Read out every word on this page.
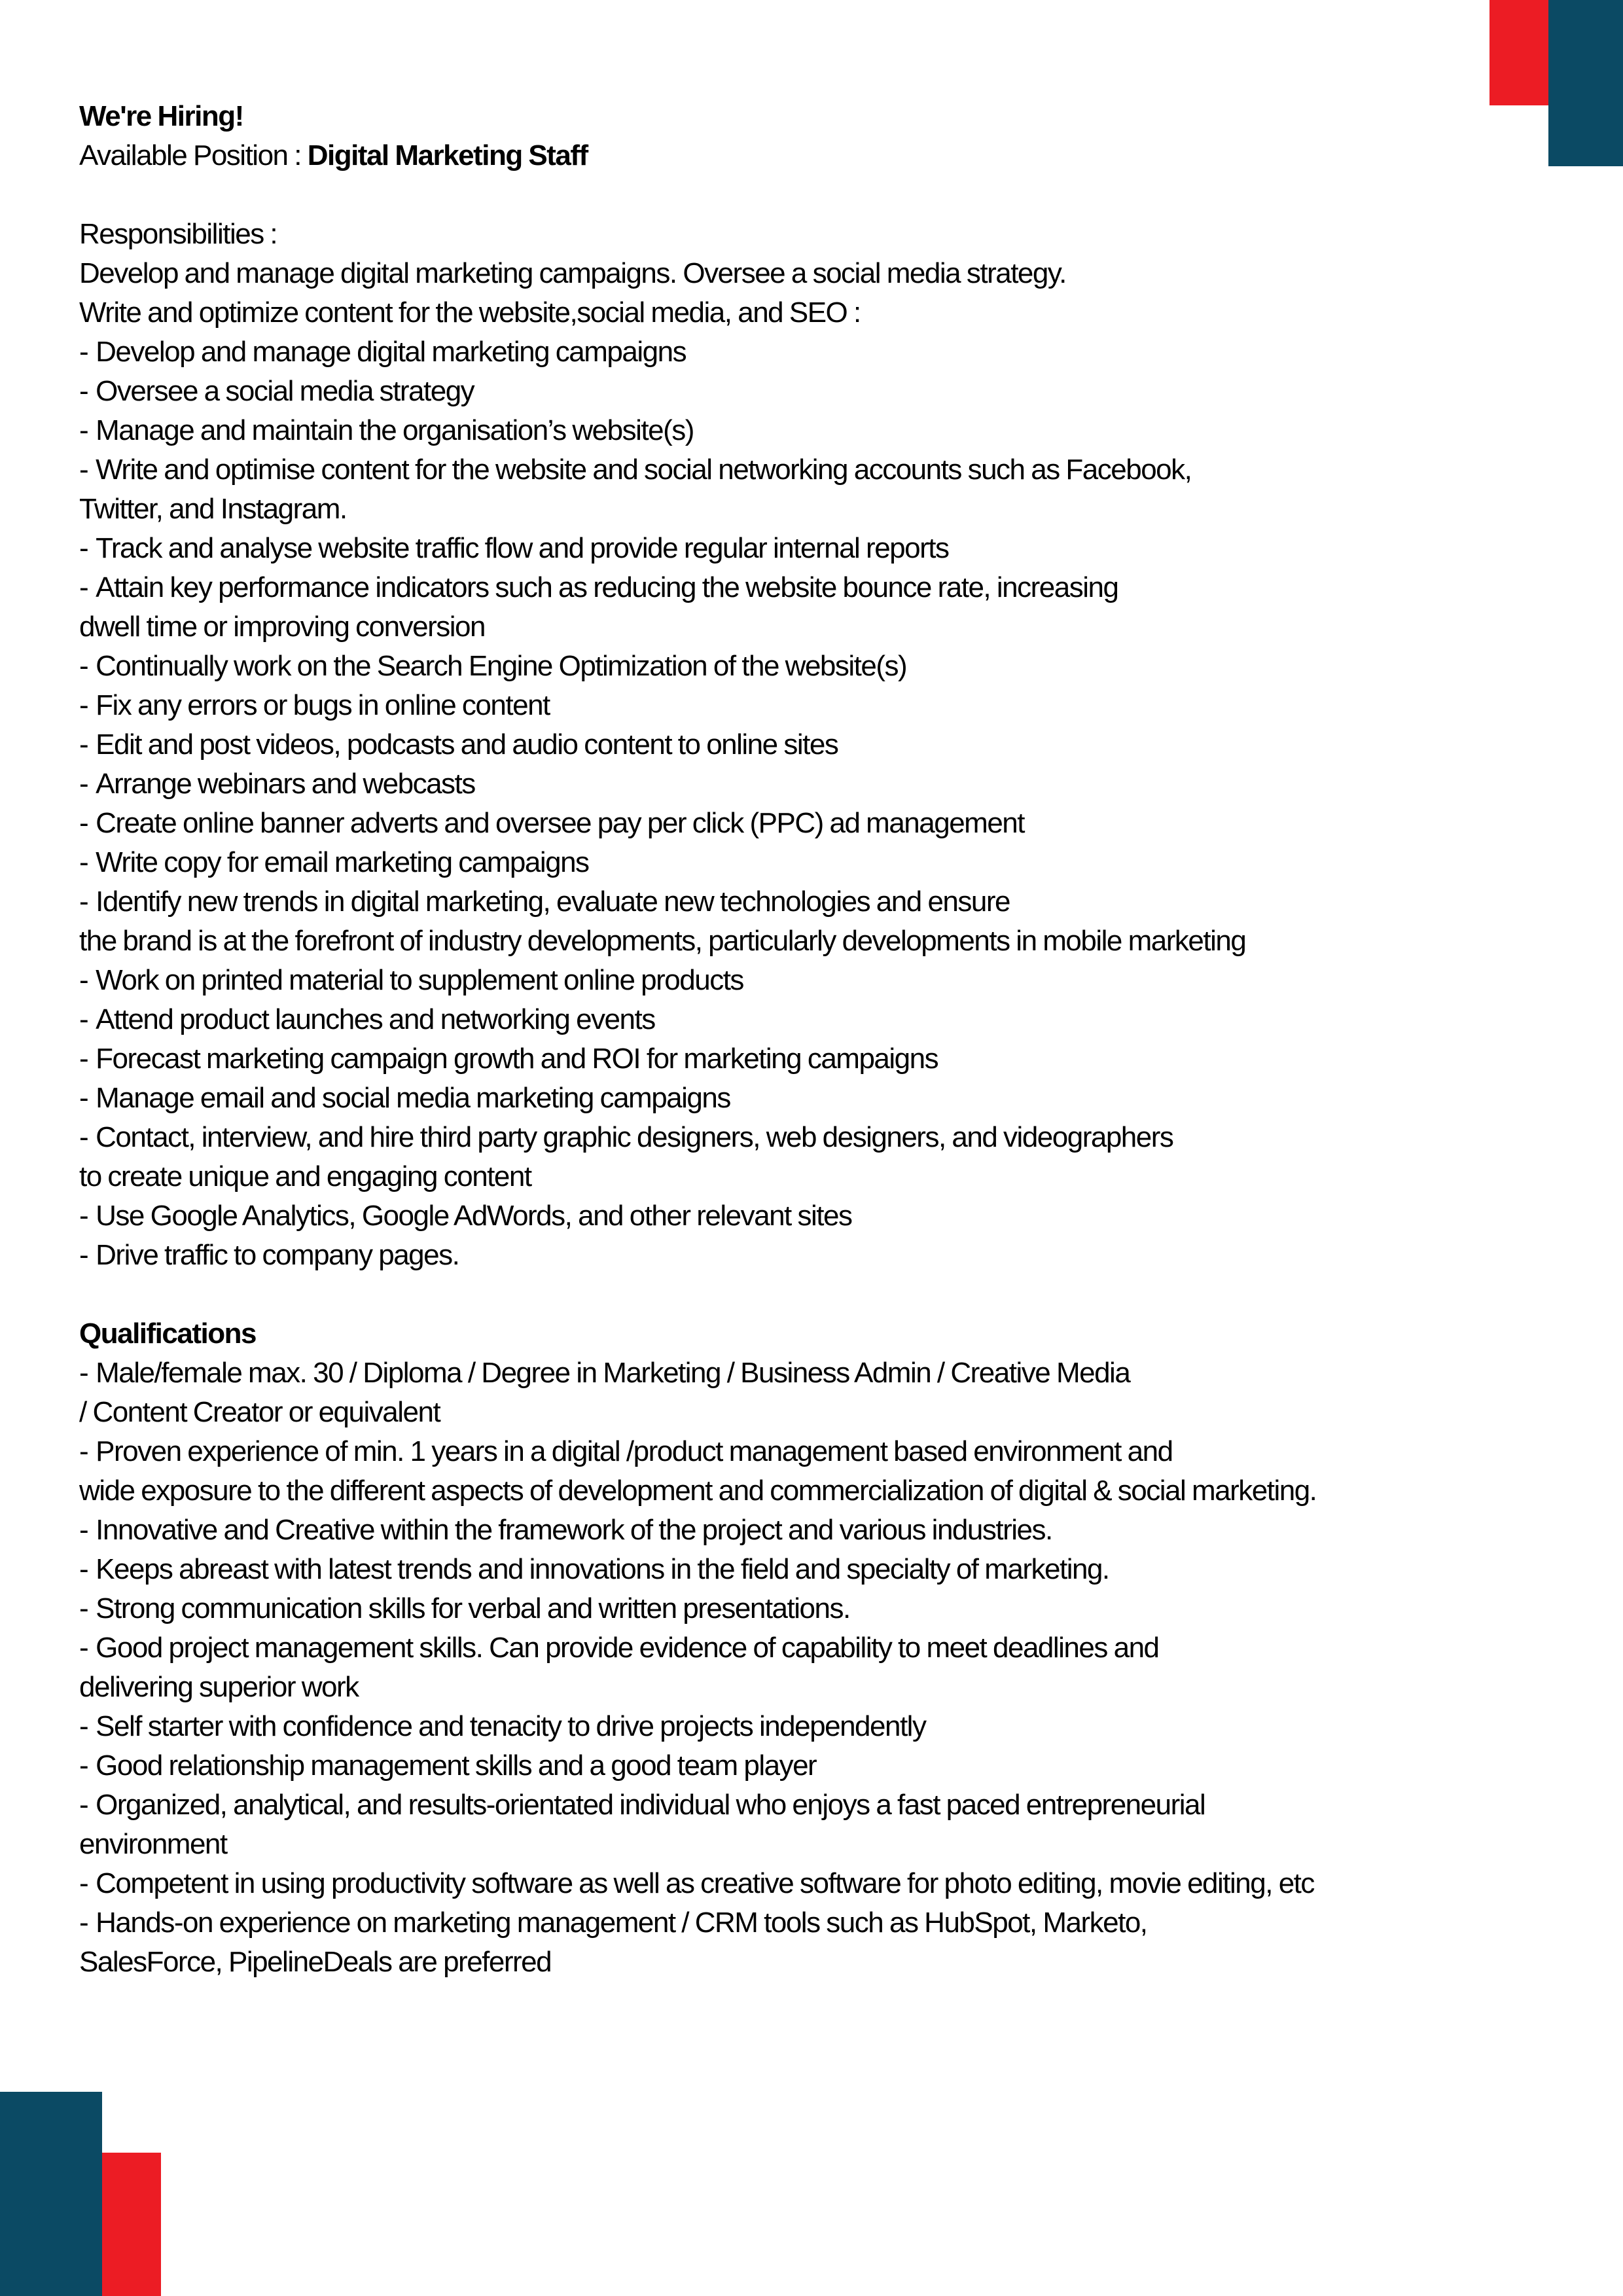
We're Hiring!
Available Position : Digital Marketing Staff
Responsibilities :
Develop and manage digital marketing campaigns. Oversee a social media strategy.
Write and optimize content for the website,social media, and SEO :
- Develop and manage digital marketing campaigns
- Oversee a social media strategy
- Manage and maintain the organisation’s website(s)
- Write and optimise content for the website and social networking accounts such as Facebook,
Twitter, and Instagram.
- Track and analyse website traffic flow and provide regular internal reports
- Attain key performance indicators such as reducing the website bounce rate, increasing
dwell time or improving conversion
- Continually work on the Search Engine Optimization of the website(s)
- Fix any errors or bugs in online content
- Edit and post videos, podcasts and audio content to online sites
- Arrange webinars and webcasts
- Create online banner adverts and oversee pay per click (PPC) ad management
- Write copy for email marketing campaigns
- Identify new trends in digital marketing, evaluate new technologies and ensure
the brand is at the forefront of industry developments, particularly developments in mobile marketing
- Work on printed material to supplement online products
- Attend product launches and networking events
- Forecast marketing campaign growth and ROI for marketing campaigns
- Manage email and social media marketing campaigns
- Contact, interview, and hire third party graphic designers, web designers, and videographers
to create unique and engaging content
- Use Google Analytics, Google AdWords, and other relevant sites
- Drive traffic to company pages.
Qualifications
- Male/female max. 30 / Diploma / Degree in Marketing / Business Admin / Creative Media
/ Content Creator or equivalent
- Proven experience of min. 1 years in a digital /product management based environment and
wide exposure to the different aspects of development and commercialization of digital & social marketing.
- Innovative and Creative within the framework of the project and various industries.
- Keeps abreast with latest trends and innovations in the field and specialty of marketing.
- Strong communication skills for verbal and written presentations.
- Good project management skills. Can provide evidence of capability to meet deadlines and
delivering superior work
- Self starter with confidence and tenacity to drive projects independently
- Good relationship management skills and a good team player
- Organized, analytical, and results-orientated individual who enjoys a fast paced entrepreneurial
environment
- Competent in using productivity software as well as creative software for photo editing, movie editing, etc
- Hands-on experience on marketing management / CRM tools such as HubSpot, Marketo,
SalesForce, PipelineDeals are preferred
